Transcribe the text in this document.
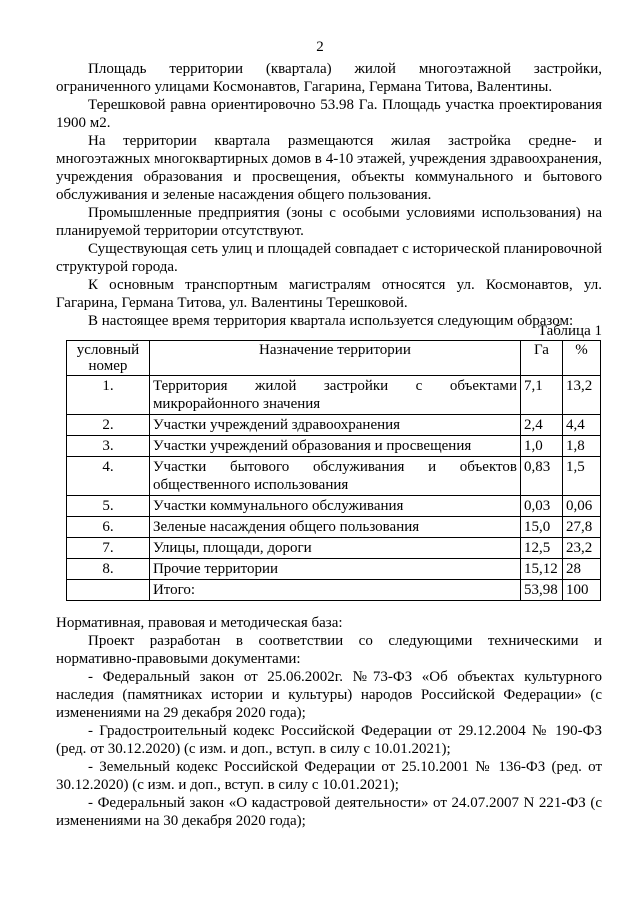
2

Площадь территории (квартала) жилой многоэтажной застройки, ограниченного улицами Космонавтов, Гагарина, Германа Титова, Валентины.

Терешковой равна ориентировочно 53.98 Га. Площадь участка проектирования 1900 м2.

На территории квартала размещаются жилая застройка средне- и многоэтажных многоквартирных домов в 4-10 этажей, учреждения здравоохранения, учреждения образования и просвещения, объекты коммунального и бытового обслуживания и зеленые насаждения общего пользования.

Промышленные предприятия (зоны с особыми условиями использования) на планируемой территории отсутствуют.

Существующая сеть улиц и площадей совпадает с исторической планировочной структурой города.

К основным транспортным магистралям относятся ул. Космонавтов, ул. Гагарина, Германа Титова, ул. Валентины Терешковой.

В настоящее время территория квартала используется следующим образом:

Таблица 1
условный номер	Назначение территории	Га	%
1.	Территория жилой застройки с объектами микрорайонного значения	7,1	13,2
2.	Участки учреждений здравоохранения	2,4	4,4
3.	Участки учреждений образования и просвещения	1,0	1,8
4.	Участки бытового обслуживания и объектов общественного использования	0,83	1,5
5.	Участки коммунального обслуживания	0,03	0,06
6.	Зеленые насаждения общего пользования	15,0	27,8
7.	Улицы, площади, дороги	12,5	23,2
8.	Прочие территории	15,12	28
	Итого:	53,98	100

Нормативная, правовая и методическая база:

Проект разработан в соответствии со следующими техническими и нормативно-правовыми документами:

- Федеральный закон от 25.06.2002г. №73-ФЗ «Об объектах культурного наследия (памятниках истории и культуры) народов Российской Федерации» (с изменениями на 29 декабря 2020 года);

- Градостроительный кодекс Российской Федерации от 29.12.2004 № 190-ФЗ (ред. от 30.12.2020) (с изм. и доп., вступ. в силу с 10.01.2021);

- Земельный кодекс Российской Федерации от 25.10.2001 № 136-ФЗ (ред. от 30.12.2020) (с изм. и доп., вступ. в силу с 10.01.2021);

- Федеральный закон «О кадастровой деятельности» от 24.07.2007 N 221-ФЗ (с изменениями на 30 декабря 2020 года);
